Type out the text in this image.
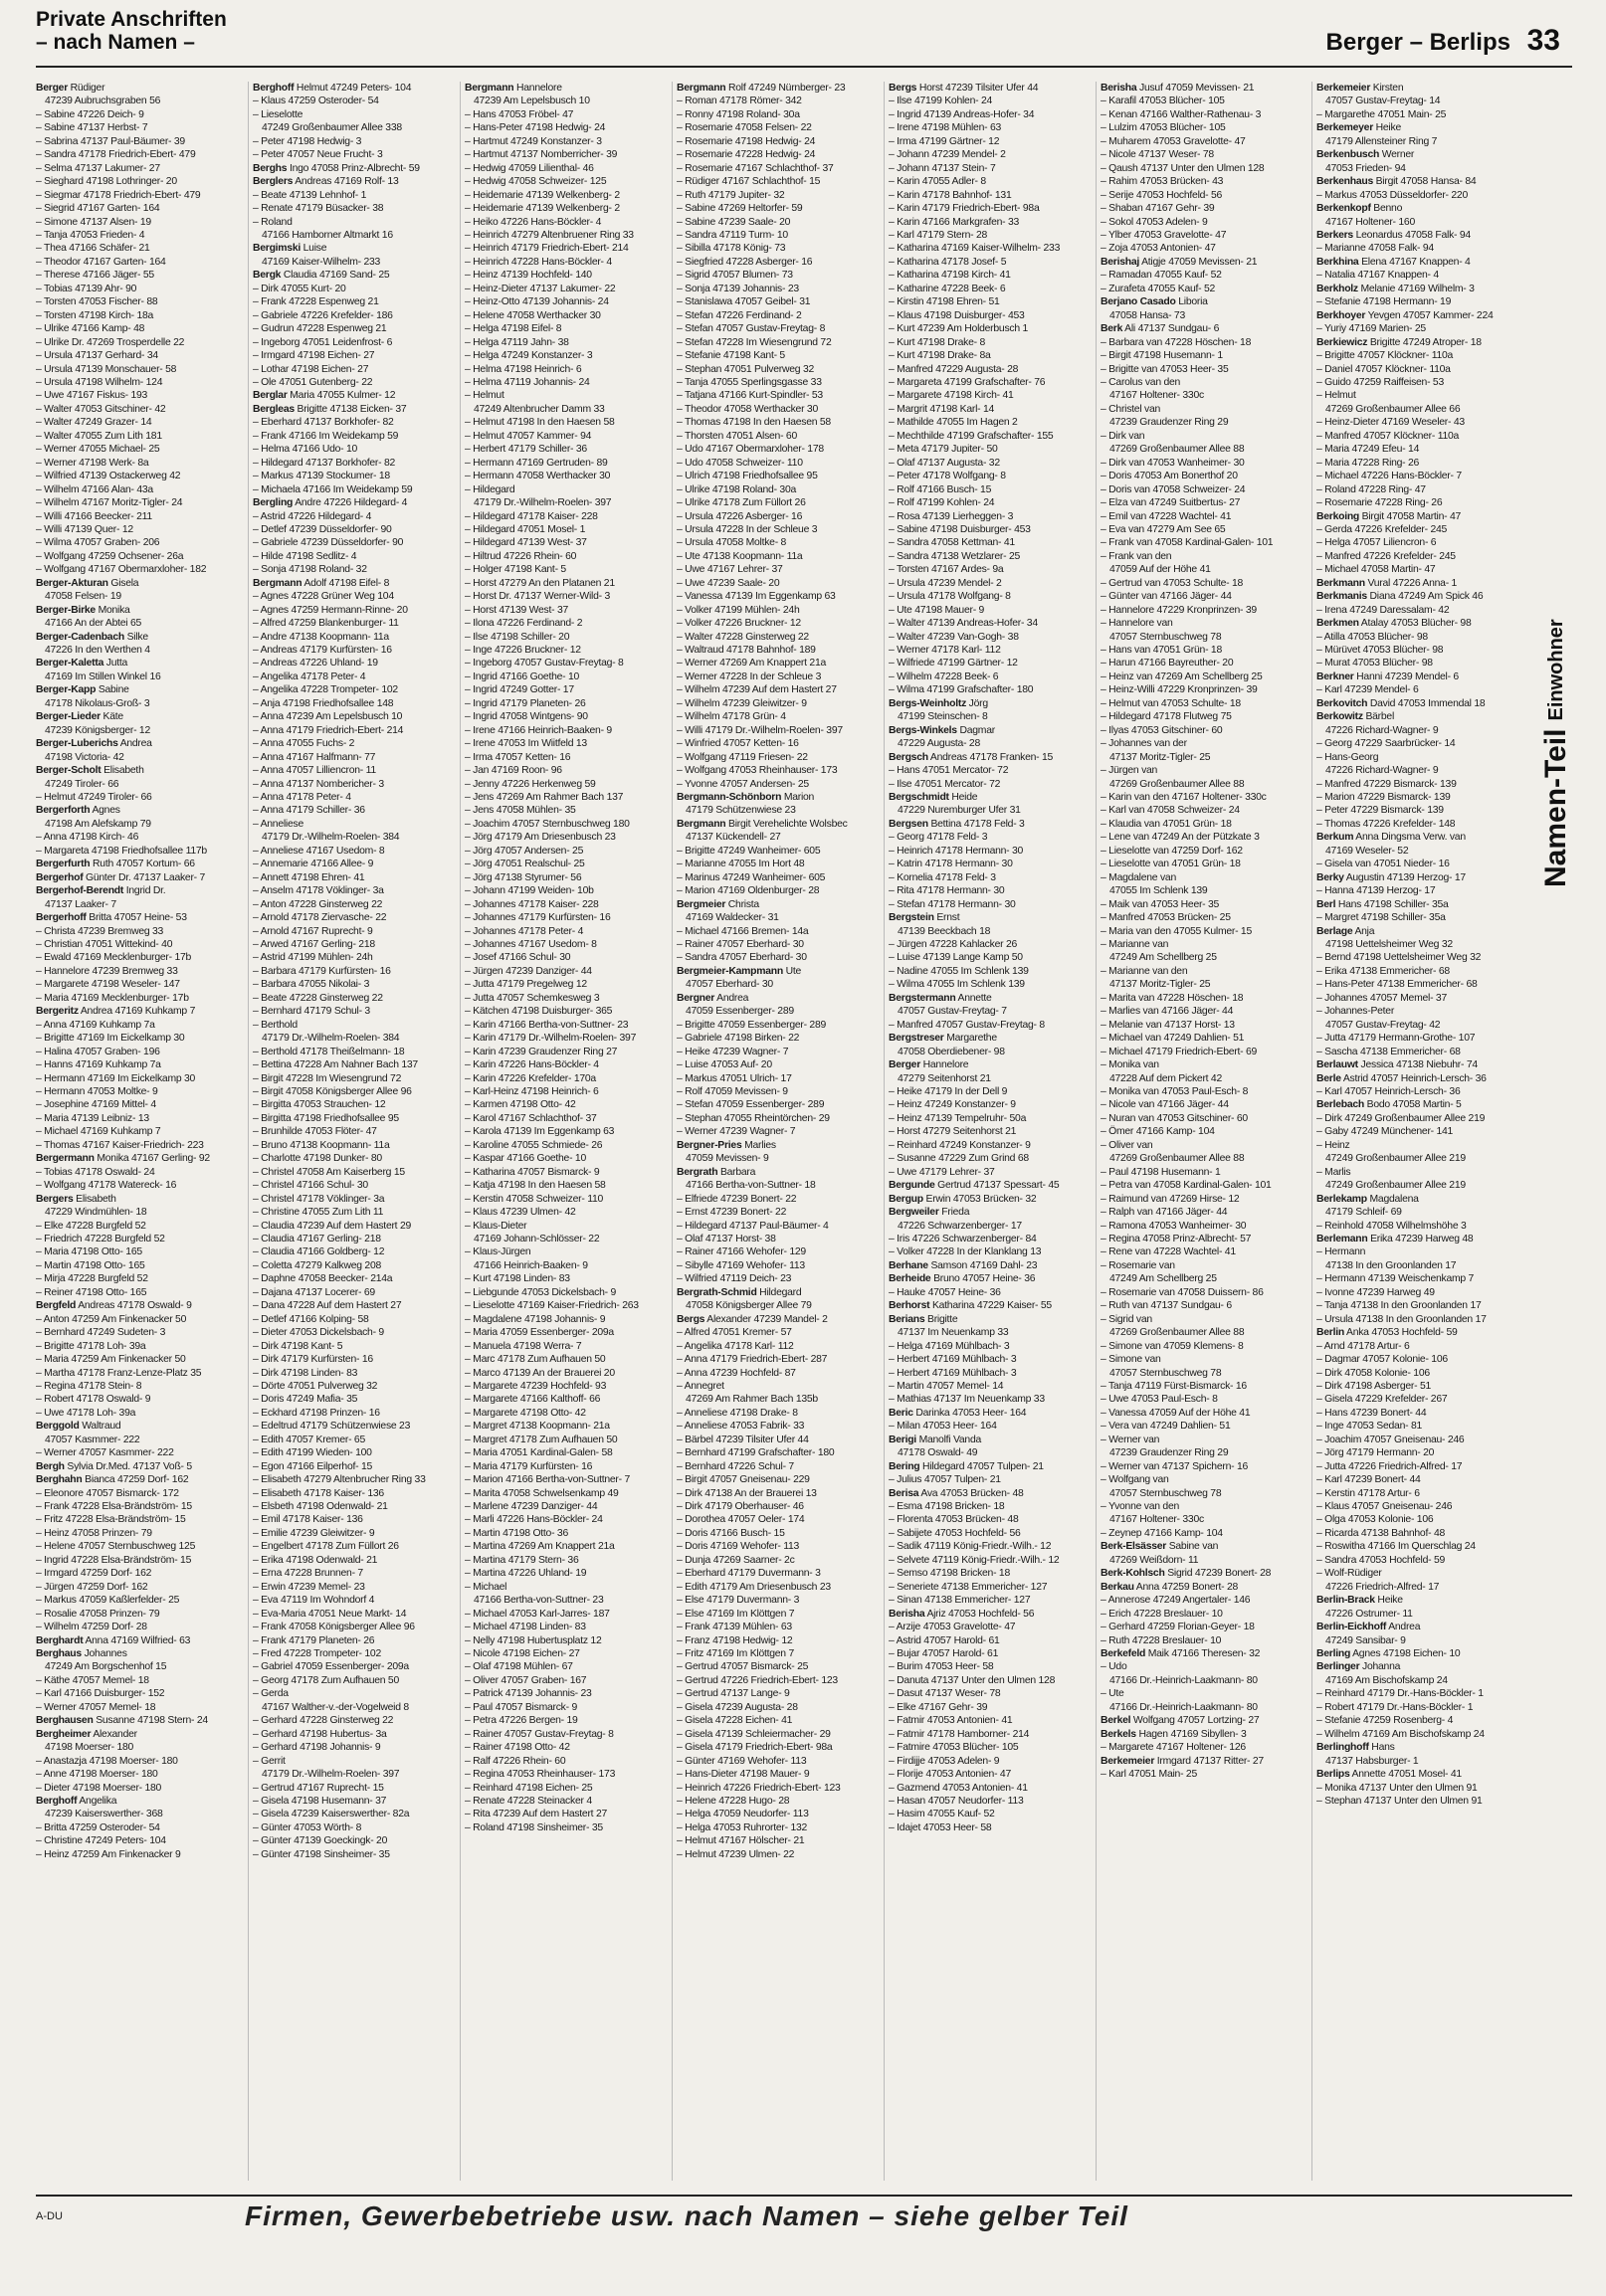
Private Anschriften
– nach Namen –	Berger – Berlips 33
Berger Rüdiger
47239 Aubruchsgraben 56
– Sabine 47226 Deich- 9
– Sabine 47137 Herbst- 7
– Sabrina 47137 Paul-Bäumer- 39
– Sandra 47178 Friedrich-Ebert- 479
– Selma 47137 Lakumer- 27
– Sieghard 47198 Lothringer- 20
– Siegmar 47178 Friedrich-Ebert- 479
– Siegrid 47167 Garten- 164
– Simone 47137 Alsen- 19
– Tanja 47053 Frieden- 4
– Thea 47166 Schäfer- 21
– Theodor 47167 Garten- 164
– Therese 47166 Jäger- 55
– Tobias 47139 Ahr- 90
– Torsten 47053 Fischer- 88
– Torsten 47198 Kirch- 18a
– Ulrike 47166 Kamp- 48
– Ulrike Dr. 47269 Trosperdelle 22
– Ursula 47137 Gerhard- 34
– Ursula 47139 Monschauer- 58
– Ursula 47198 Wilhelm- 124
– Uwe 47167 Fiskus- 193
– Walter 47053 Gitschiner- 42
– Walter 47249 Grazer- 14
– Walter 47055 Zum Lith 181
– Werner 47055 Michael- 25
– Werner 47198 Werk- 8a
– Wilfried 47139 Ostackerweg 42
– Wilhelm 47166 Alan- 43a
– Wilhelm 47167 Moritz-Tigler- 24
– Willi 47166 Beecker- 211
– Willi 47139 Quer- 12
– Wilma 47057 Graben- 206
– Wolfgang 47259 Ochsener- 26a
– Wolfgang 47167 Obermarxloher- 182
Berger-Akturan Gisela
47058 Felsen- 19
Berger-Birke Monika
47166 An der Abtei 65
Berger-Cadenbach Silke
47226 In den Werthen 4
Berger-Kaletta Jutta
47169 Im Stillen Winkel 16
Berger-Kapp Sabine
47178 Nikolaus-Groß- 3
Berger-Lieder Käte
47239 Königsberger- 12
Berger-Luberichs Andrea
47198 Victoria- 42
Berger-Scholt Elisabeth
47249 Tiroler- 66
– Helmut 47249 Tiroler- 66
Bergerforth Agnes
47198 Am Alefskamp 79
– Anna 47198 Kirch- 46
– Margareta 47198 Friedhofsallee 117b
Bergerfurth Ruth 47057 Kortum- 66
Bergerhof Günter Dr. 47137 Laaker- 7
Bergerhof-Berendt Ingrid Dr.
47137 Laaker- 7
Bergerhoff Britta 47057 Heine- 53
– Christa 47239 Bremweg 33
– Christian 47051 Wittekind- 40
– Ewald 47169 Mecklenburger- 17b
– Hannelore 47239 Bremweg 33
– Margarete 47198 Weseler- 147
– Maria 47169 Mecklenburger- 17b
Bergeritz Andrea 47169 Kuhkamp 7
– Anna 47169 Kuhkamp 7a
– Brigitte 47169 Im Eickelkamp 30
– Halina 47057 Graben- 196
– Hanns 47169 Kuhkamp 7a
– Hermann 47169 Im Eickelkamp 30
– Hermann 47053 Moltke- 9
– Josephine 47169 Mittel- 4
– Maria 47139 Leibniz- 13
– Michael 47169 Kuhkamp 7
– Thomas 47167 Kaiser-Friedrich- 223
Bergermann Monika 47167 Gerling- 92
– Tobias 47178 Oswald- 24
– Wolfgang 47178 Watereck- 16
Bergers Elisabeth
47229 Windmühlen- 18
– Elke 47228 Burgfeld 52
– Friedrich 47228 Burgfeld 52
– Maria 47198 Otto- 165
– Martin 47198 Otto- 165
– Mirja 47228 Burgfeld 52
– Reiner 47198 Otto- 165
Bergfeld Andreas 47178 Oswald- 9
– Anton 47259 Am Finkenacker 50
– Bernhard 47249 Sudeten- 3
– Brigitte 47178 Loh- 39a
– Maria 47259 Am Finkenacker 50
– Martha 47178 Franz-Lenze-Platz 35
– Regina 47178 Stein- 8
– Robert 47178 Oswald- 9
– Uwe 47178 Loh- 39a
Berggold Waltraud
47057 Kasmmer- 222
– Werner 47057 Kasmmer- 222
Bergh Sylvia Dr.Med. 47137 Voß- 5
Berghahn Bianca 47259 Dorf- 162
– Eleonore 47057 Bismarck- 172
– Frank 47228 Elsa-Brändström- 15
– Fritz 47228 Elsa-Brändström- 15
– Heinz 47058 Prinzen- 79
– Helene 47057 Sternbuschweg 125
– Ingrid 47228 Elsa-Brändström- 15
– Irmgard 47259 Dorf- 162
– Jürgen 47259 Dorf- 162
– Markus 47059 Kaßlerfelder- 25
– Rosalie 47058 Prinzen- 79
– Wilhelm 47259 Dorf- 28
Berghardt Anna 47169 Wilfried- 63
Berghaus Johannes
47249 Am Borgschenhof 15
– Käthe 47057 Memel- 18
– Karl 47166 Duisburger- 152
– Werner 47057 Memel- 18
Berghausen Susanne 47198 Stern- 24
Bergheimer Alexander
47198 Moerser- 180
– Anastazja 47198 Moerser- 180
– Anne 47198 Moerser- 180
– Dieter 47198 Moerser- 180
Berghoff Angelika
47239 Kaiserswerther- 368
– Britta 47259 Osteroder- 54
– Christine 47249 Peters- 104
– Heinz 47259 Am Finkenacker 9
Berghoff Helmut 47249 Peters- 104
– Klaus 47259 Osteroder- 54
– Lieselotte
47249 Großenbaumer Allee 338
– Peter 47198 Hedwig- 3
– Peter 47057 Neue Frucht- 3
Berghs Ingo 47058 Prinz-Albrecht- 59
Berglers Andreas 47169 Rolf- 13
– Beate 47139 Lehnhof- 1
– Renate 47179 Büsacker- 38
– Roland
47166 Hamborner Altmarkt 16
Bergimski Luise
47169 Kaiser-Wilhelm- 233
Bergk Claudia 47169 Sand- 25
– Dirk 47055 Kurt- 20
– Frank 47228 Espenweg 21
– Gabriele 47226 Krefelder- 186
– Gudrun 47228 Espenweg 21
– Ingeborg 47051 Leidenfrost- 6
– Irmgard 47198 Eichen- 27
– Lothar 47198 Eichen- 27
– Ole 47051 Gutenberg- 22
Berglar Maria 47055 Kulmer- 12
Bergleas Brigitte 47138 Eicken- 37
– Eberhard 47137 Borkhofer- 82
– Frank 47166 Im Weidekamp 59
– Helma 47166 Udo- 10
– Hildegard 47137 Borkhofer- 82
– Markus 47139 Stockumer- 18
– Michaela 47166 Im Weidekamp 59
Bergling Andre 47226 Hildegard- 4
– Astrid 47226 Hildegard- 4
– Detlef 47239 Düsseldorfer- 90
– Gabriele 47239 Düsseldorfer- 90
– Hilde 47198 Sedlitz- 4
– Sonja 47198 Roland- 32
Bergmann Adolf 47198 Eifel- 8
– Agnes 47228 Grüner Weg 104
– Agnes 47259 Hermann-Rinne- 20
– Alfred 47259 Blankenburger- 11
– Andre 47138 Koopmann- 11a
– Andreas 47179 Kurfürsten- 16
– Andreas 47226 Uhland- 19
– Angelika 47178 Peter- 4
– Angelika 47228 Trompeter- 102
– Anja 47198 Friedhofsallee 148
– Anna 47239 Am Lepelsbusch 10
– Anna 47179 Friedrich-Ebert- 214
– Anna 47055 Fuchs- 2
– Anna 47167 Halfmann- 77
– Anna 47057 Lilliencron- 11
– Anna 47137 Nombericher- 3
– Anna 47178 Peter- 4
– Anna 47179 Schiller- 36
– Anneliese
47179 Dr.-Wilhelm-Roelen- 384
– Anneliese 47167 Usedom- 8
– Annemarie 47166 Allee- 9
– Annett 47198 Ehren- 41
– Anselm 47178 Vöklinger- 3a
– Anton 47228 Ginsterweg 22
– Arnold 47178 Ziervasche- 22
– Arnold 47167 Ruprecht- 9
– Arwed 47167 Gerling- 218
– Astrid 47199 Mühlen- 24h
– Barbara 47179 Kurfürsten- 16
– Barbara 47055 Nikolai- 3
– Beate 47228 Ginsterweg 22
– Bernhard 47179 Schul- 3
– Berthold
47179 Dr.-Wilhelm-Roelen- 384
– Berthold 47178 Theißelmann- 18
– Bettina 47228 Am Nahner Bach 137
– Birgit 47228 Im Wiesengrund 72
– Birgit 47058 Königsberger Allee 96
– Birgitta 47053 Strauchen- 12
– Birgitta 47198 Friedhofsallee 95
– Brunhilde 47053 Flöter- 47
– Bruno 47138 Koopmann- 11a
– Charlotte 47198 Dunker- 80
– Christel 47058 Am Kaiserberg 15
– Christel 47166 Schul- 30
– Christel 47178 Vöklinger- 3a
– Christine 47055 Zum Lith 11
– Claudia 47239 Auf dem Hastert 29
– Claudia 47167 Gerling- 218
– Claudia 47166 Goldberg- 12
– Coletta 47279 Kalkweg 208
– Daphne 47058 Beecker- 214a
– Dajana 47137 Locerer- 69
– Dana 47228 Auf dem Hastert 27
– Detlef 47166 Kolping- 58
– Dieter 47053 Dickelsbach- 9
– Dirk 47198 Kant- 5
– Dirk 47179 Kurfürsten- 16
– Dirk 47198 Linden- 83
– Dörte 47051 Pulverweg 32
– Doris 47249 Mafia- 35
– Eckhard 47198 Prinzen- 16
– Edeltrud 47179 Schützenwiese 23
– Edith 47057 Kremer- 65
– Edith 47199 Wieden- 100
– Egon 47166 Eilperhof- 15
– Elisabeth 47279 Altenbrucher Ring 33
– Elisabeth 47178 Kaiser- 136
– Elsbeth 47198 Odenwald- 21
– Emil 47178 Kaiser- 136
– Emilie 47239 Gleiwitzer- 9
– Engelbert 47178 Zum Füllort 26
– Erika 47198 Odenwald- 21
– Erna 47228 Brunnen- 7
– Erwin 47239 Memel- 23
– Eva 47119 Im Wohndorf 4
– Eva-Maria 47051 Neue Markt- 14
– Frank 47058 Königsberger Allee 96
– Frank 47179 Planeten- 26
– Fred 47228 Trompeter- 102
– Gabriel 47059 Essenberger- 209a
– Georg 47178 Zum Aufhauen 50
– Gerda
47167 Walther-v.-der-Vogelweid 8
– Gerhard 47228 Ginsterweg 22
– Gerhard 47198 Hubertus- 3a
– Gerhard 47198 Johannis- 9
– Gerrit
47179 Dr.-Wilhelm-Roelen- 397
– Gertrud 47167 Ruprecht- 15
– Gisela 47198 Husemann- 37
– Gisela 47239 Kaiserswerther- 82a
– Günter 47053 Wörth- 8
– Günter 47139 Goeckingk- 20
– Günter 47198 Sinsheimer- 35
Bergmann Hannelore
47239 Am Lepelsbusch 10
– Hans 47053 Fröbel- 47
– Hans-Peter 47198 Hedwig- 24
– Hartmut 47249 Konstanzer- 3
– Hartmut 47137 Nomberricher- 39
– Hedwig 47059 Lilienthal- 46
– Hedwig 47058 Schweizer- 125
– Heidemarie 47139 Welkenberg- 2
– Heidemarie 47139 Welkenberg- 2
– Heiko 47226 Hans-Böckler- 4
– Heinrich 47279 Altenbruener Ring 33
– Heinrich 47179 Friedrich-Ebert- 214
– Heinrich 47228 Hans-Böckler- 4
– Heinz 47139 Hochfeld- 140
– Heinz-Dieter 47137 Lakumer- 22
– Heinz-Otto 47139 Johannis- 24
– Helene 47058 Werthacker 30
– Helga 47198 Eifel- 8
– Helga 47119 Jahn- 38
– Helga 47249 Konstanzer- 3
– Helma 47198 Heinrich- 6
– Helma 47119 Johannis- 24
– Helmut
47249 Altenbrucher Damm 33
– Helmut 47198 In den Haesen 58
– Helmut 47057 Kammer- 94
– Herbert 47179 Schiller- 36
– Hermann 47169 Gertruden- 89
– Hermann 47058 Werthacker 30
– Hildegard
47179 Dr.-Wilhelm-Roelen- 397
– Hildegard 47178 Kaiser- 228
– Hildegard 47051 Mosel- 1
– Hildegard 47139 West- 37
– Hiltrud 47226 Rhein- 60
– Holger 47198 Kant- 5
– Horst 47279 An den Platanen 21
– Horst Dr. 47137 Werner-Wild- 3
– Horst 47139 West- 37
– Ilona 47226 Ferdinand- 2
– Ilse 47198 Schiller- 20
– Inge 47226 Bruckner- 12
– Ingeborg 47057 Gustav-Freytag- 8
– Ingrid 47166 Goethe- 10
– Ingrid 47249 Gotter- 17
– Ingrid 47179 Planeten- 26
– Ingrid 47058 Wintgens- 90
– Irene 47166 Heinrich-Baaken- 9
– Irene 47053 Im Wiitfeld 13
– Irma 47057 Ketten- 16
– Jan 47169 Roon- 96
– Jenny 47226 Herkenweg 59
– Jens 47269 Am Rahmer Bach 137
– Jens 47058 Mühlen- 35
– Joachim 47057 Sternbuschweg 180
– Jörg 47179 Am Driesenbusch 23
– Jörg 47057 Andersen- 25
– Jörg 47051 Realschul- 25
– Jörg 47138 Styrumer- 56
– Johann 47199 Weiden- 10b
– Johannes 47178 Kaiser- 228
– Johannes 47179 Kurfürsten- 16
– Johannes 47178 Peter- 4
– Johannes 47167 Usedom- 8
– Josef 47166 Schul- 30
– Jürgen 47239 Danziger- 44
– Jutta 47179 Pregelweg 12
– Jutta 47057 Schemkesweg 3
– Kätchen 47198 Duisburger- 365
– Karin 47166 Bertha-von-Suttner- 23
– Karin 47179 Dr.-Wilhelm-Roelen- 397
– Karin 47239 Graudenzer Ring 27
– Karin 47226 Hans-Böckler- 4
– Karin 47226 Krefelder- 170a
– Karl-Heinz 47198 Heinrich- 6
– Karmen 47198 Otto- 42
– Karol 47167 Schlachthof- 37
– Karola 47139 Im Eggenkamp 63
– Karoline 47055 Schmiede- 26
– Kaspar 47166 Goethe- 10
– Katharina 47057 Bismarck- 9
– Katja 47198 In den Haesen 58
– Kerstin 47058 Schweizer- 110
– Klaus 47239 Ulmen- 42
– Klaus-Dieter
47169 Johann-Schlösser- 22
– Klaus-Jürgen
47166 Heinrich-Baaken- 9
– Kurt 47198 Linden- 83
– Liebgunde 47053 Dickelsbach- 9
– Lieselotte 47169 Kaiser-Friedrich- 263
– Magdalene 47198 Johannis- 9
– Maria 47059 Essenberger- 209a
– Manuela 47198 Werra- 7
– Marc 47178 Zum Aufhauen 50
– Marco 47139 An der Brauerei 20
– Margarete 47239 Hochfeld- 93
– Margarete 47166 Kalthoff- 66
– Margarete 47198 Otto- 42
– Margret 47138 Koopmann- 21a
– Margret 47178 Zum Aufhauen 50
– Maria 47051 Kardinal-Galen- 58
– Maria 47179 Kurfürsten- 16
– Marion 47166 Bertha-von-Suttner- 7
– Marita 47058 Schwelsenkamp 49
– Marlene 47239 Danziger- 44
– Marli 47226 Hans-Böckler- 24
– Martin 47198 Otto- 36
– Martina 47269 Am Knappert 21a
– Martina 47179 Stern- 36
– Martina 47226 Uhland- 19
– Michael
47166 Bertha-von-Suttner- 23
– Michael 47053 Karl-Jarres- 187
– Michael 47198 Linden- 83
– Nelly 47198 Hubertusplatz 12
– Nicole 47198 Eichen- 27
– Olaf 47198 Mühlen- 67
– Oliver 47057 Graben- 167
– Patrick 47139 Johannis- 23
– Paul 47057 Bismarck- 9
– Petra 47226 Bergen- 19
– Rainer 47057 Gustav-Freytag- 8
– Rainer 47198 Otto- 42
– Ralf 47226 Rhein- 60
– Regina 47053 Rheinhauser- 173
– Reinhard 47198 Eichen- 25
– Renate 47228 Steinacker 4
– Rita 47239 Auf dem Hastert 27
– Roland 47198 Sinsheimer- 35
Bergmann Rolf 47249 Nürnberger- 23
– Roman 47178 Römer- 342
– Ronny 47198 Roland- 30a
– Rosemarie 47058 Felsen- 22
– Rosemarie 47198 Hedwig- 24
– Rosemarie 47228 Hedwig- 24
– Rosemarie 47167 Schlachthof- 37
– Rüdiger 47167 Schlachthof- 15
– Ruth 47179 Jupiter- 32
– Sabine 47269 Heltorfer- 59
– Sabine 47239 Saale- 20
– Sandra 47119 Turm- 10
– Sibilla 47178 König- 73
– Siegfried 47228 Asberger- 16
– Sigrid 47057 Blumen- 73
– Sonja 47139 Johannis- 23
– Stanislawa 47057 Geibel- 31
– Stefan 47226 Ferdinand- 2
– Stefan 47057 Gustav-Freytag- 8
– Stefan 47228 Im Wiesengrund 72
– Stefanie 47198 Kant- 5
– Stephan 47051 Pulverweg 32
– Tanja 47055 Sperlingsgasse 33
– Tatjana 47166 Kurt-Spindler- 53
– Theodor 47058 Werthacker 30
– Thomas 47198 In den Haesen 58
– Thorsten 47051 Alsen- 60
– Udo 47167 Obermarxloher- 178
– Udo 47058 Schweizer- 110
– Ulrich 47198 Friedhofsallee 95
– Ulrike 47198 Roland- 30a
– Ulrike 47178 Zum Füllort 26
– Ursula 47226 Asberger- 16
– Ursula 47228 In der Schleue 3
– Ursula 47058 Moltke- 8
– Ute 47138 Koopmann- 11a
– Uwe 47167 Lehrer- 37
– Uwe 47239 Saale- 20
– Vanessa 47139 Im Eggenkamp 63
– Volker 47199 Mühlen- 24h
– Volker 47226 Bruckner- 12
– Walter 47228 Ginsterweg 22
– Waltraud 47178 Bahnhof- 189
– Werner 47269 Am Knappert 21a
– Werner 47228 In der Schleue 3
– Wilhelm 47239 Auf dem Hastert 27
– Wilhelm 47239 Gleiwitzer- 9
– Wilhelm 47178 Grün- 4
– Willi 47179 Dr.-Wilhelm-Roelen- 397
– Winfried 47057 Ketten- 16
– Wolfgang 47119 Friesen- 22
– Wolfgang 47053 Rheinhauser- 173
– Yvonne 47057 Andersen- 25
Bergmann-Schönborn Marion
47179 Schützenwiese 23
Bergmann Birgit Verehelichte Wolsbec
47137 Kückendell- 27
– Brigitte 47249 Wanheimer- 605
– Marianne 47055 Im Hort 48
– Marinus 47249 Wanheimer- 605
– Marion 47169 Oldenburger- 28
Bergmeier Christa
47169 Waldecker- 31
– Michael 47166 Bremen- 14a
– Rainer 47057 Eberhard- 30
– Sandra 47057 Eberhard- 30
Bergmeier-Kampmann Ute
47057 Eberhard- 30
Bergner Andrea
47059 Essenberger- 289
– Brigitte 47059 Essenberger- 289
– Gabriele 47198 Birken- 22
– Heike 47239 Wagner- 7
– Luise 47053 Auf- 20
– Markus 47051 Ulrich- 17
– Rolf 47059 Mevissen- 9
– Stefan 47059 Essenberger- 289
– Stephan 47055 Rheintörchen- 29
– Werner 47239 Wagner- 7
Bergner-Pries Marlies
47059 Mevissen- 9
Bergrath Barbara
47166 Bertha-von-Suttner- 18
– Elfriede 47239 Bonert- 22
– Ernst 47239 Bonert- 22
– Hildegard 47137 Paul-Bäumer- 4
– Olaf 47137 Horst- 38
– Rainer 47166 Wehofer- 129
– Sibylle 47169 Wehofer- 113
– Wilfried 47119 Deich- 23
Bergrath-Schmid Hildegard
47058 Königsberger Allee 79
Bergs Alexander 47239 Mandel- 2
– Alfred 47051 Kremer- 57
– Angelika 47178 Karl- 112
– Anna 47179 Friedrich-Ebert- 287
– Anna 47239 Hochfeld- 87
– Annegret
47269 Am Rahmer Bach 135b
– Anneliese 47198 Drake- 8
– Anneliese 47053 Fabrik- 33
– Bärbel 47239 Tilsiter Ufer 44
– Bernhard 47199 Grafschafter- 180
– Bernhard 47226 Schul- 7
– Birgit 47057 Gneisenau- 229
– Dirk 47138 An der Brauerei 13
– Dirk 47179 Oberhauser- 46
– Dorothea 47057 Oeler- 174
– Doris 47166 Busch- 15
– Doris 47169 Wehofer- 113
– Dunja 47269 Saarner- 2c
– Eberhard 47179 Duvermann- 3
– Edith 47179 Am Driesenbusch 23
– Else 47179 Duvermann- 3
– Else 47169 Im Klöttgen 7
– Frank 47139 Mühlen- 63
– Franz 47198 Hedwig- 12
– Fritz 47169 Im Klöttgen 7
– Gertrud 47057 Bismarck- 25
– Gertrud 47226 Friedrich-Ebert- 123
– Gertrud 47137 Lange- 9
– Gisela 47239 Augusta- 28
– Gisela 47228 Eichen- 41
– Gisela 47139 Schleiermacher- 29
– Gisela 47179 Friedrich-Ebert- 98a
– Günter 47169 Wehofer- 113
– Hans-Dieter 47198 Mauer- 9
– Heinrich 47226 Friedrich-Ebert- 123
– Helene 47228 Hugo- 28
– Helga 47059 Neudorfer- 113
– Helga 47053 Ruhrorter- 132
– Helmut 47167 Hölscher- 21
– Helmut 47239 Ulmen- 22
Bergs Horst 47239 Tilsiter Ufer 44
– Ilse 47199 Kohlen- 24
– Ingrid 47139 Andreas-Hofer- 34
– Irene 47198 Mühlen- 63
– Irma 47199 Gärtner- 12
– Johann 47239 Mendel- 2
– Johann 47137 Stein- 7
– Karin 47055 Adler- 8
– Karin 47178 Bahnhof- 131
– Karin 47179 Friedrich-Ebert- 98a
– Karin 47166 Markgrafen- 33
– Karl 47179 Stern- 28
– Katharina 47169 Kaiser-Wilhelm- 233
– Katharina 47178 Josef- 5
– Katharina 47198 Kirch- 41
– Katharine 47228 Beek- 6
– Kirstin 47198 Ehren- 51
– Klaus 47198 Duisburger- 453
– Kurt 47239 Am Holderbusch 1
– Kurt 47198 Drake- 8
– Kurt 47198 Drake- 8a
– Manfred 47229 Augusta- 28
– Margareta 47199 Grafschafter- 76
– Margarete 47198 Kirch- 41
– Margrit 47198 Karl- 14
– Mathilde 47055 Im Hagen 2
– Mechthilde 47199 Grafschafter- 155
– Meta 47179 Jupiter- 50
– Olaf 47137 Augusta- 32
– Peter 47178 Wolfgang- 8
– Rolf 47166 Busch- 15
– Rolf 47199 Kohlen- 24
– Rosa 47139 Lierheggen- 3
– Sabine 47198 Duisburger- 453
– Sandra 47058 Kettman- 41
– Sandra 47138 Wetzlarer- 25
– Torsten 47167 Ardes- 9a
– Ursula 47239 Mendel- 2
– Ursula 47178 Wolfgang- 8
– Ute 47198 Mauer- 9
– Walter 47139 Andreas-Hofer- 34
– Walter 47239 Van-Gogh- 38
– Werner 47178 Karl- 112
– Wilfriede 47199 Gärtner- 12
– Wilhelm 47228 Beek- 6
– Wilma 47199 Grafschafter- 180
Bergs-Weinholtz Jörg
47199 Steinschen- 8
Bergs-Winkels Dagmar
47229 Augusta- 28
Bergsch Andreas 47178 Franken- 15
– Hans 47051 Mercator- 72
– Ilse 47051 Mercator- 72
Bergschmidt Heide
47229 Nuremburger Ufer 31
Bergsen Bettina 47178 Feld- 3
– Georg 47178 Feld- 3
– Heinrich 47178 Hermann- 30
– Katrin 47178 Hermann- 30
– Kornelia 47178 Feld- 3
– Rita 47178 Hermann- 30
– Stefan 47178 Hermann- 30
Bergstein Ernst
47139 Beeckbach 18
– Jürgen 47228 Kahlacker 26
– Luise 47139 Lange Kamp 50
– Nadine 47055 Im Schlenk 139
– Wilma 47055 Im Schlenk 139
Bergstermann Annette
47057 Gustav-Freytag- 7
– Manfred 47057 Gustav-Freytag- 8
Bergstreser Margarethe
47058 Oberdiebener- 98
Berger Hannelore
47279 Seitenhorst 21
– Heike 47179 In der Dell 9
– Heinz 47249 Konstanzer- 9
– Heinz 47139 Tempelruhr- 50a
– Horst 47279 Seitenhorst 21
– Reinhard 47249 Konstanzer- 9
– Susanne 47229 Zum Grind 68
– Uwe 47179 Lehrer- 37
Bergunde Gertrud 47137 Spessart- 45
Bergup Erwin 47053 Brücken- 32
Bergweiler Frieda
47226 Schwarzenberger- 17
– Iris 47226 Schwarzenberger- 84
– Volker 47228 In der Klanklang 13
Berhane Samson 47169 Dahl- 23
Berheide Bruno 47057 Heine- 36
– Hauke 47057 Heine- 36
Berhorst Katharina 47229 Kaiser- 55
Berians Brigitte
47137 Im Neuenkamp 33
– Helga 47169 Mühlbach- 3
– Herbert 47169 Mühlbach- 3
– Herbert 47169 Mühlbach- 3
– Martin 47057 Memel- 14
– Mathias 47137 Im Neuenkamp 33
Beric Darinka 47053 Heer- 164
– Milan 47053 Heer- 164
Berigi Manolfi Vanda
47178 Oswald- 49
Bering Hildegard 47057 Tulpen- 21
– Julius 47057 Tulpen- 21
Berisa Ava 47053 Brücken- 48
– Esma 47198 Bricken- 18
– Florenta 47053 Brücken- 48
– Sabijete 47053 Hochfeld- 56
– Sadik 47119 König-Friedr.-Wilh.- 12
– Selvete 47119 König-Friedr.-Wilh.- 12
– Semso 47198 Bricken- 18
– Seneriete 47138 Emmericher- 127
– Sinan 47138 Emmericher- 127
Berisha Ajriz 47053 Hochfeld- 56
– Arzije 47053 Gravelotte- 47
– Astrid 47057 Harold- 61
– Bujar 47057 Harold- 61
– Burim 47053 Heer- 58
– Danuta 47137 Unter den Ulmen 128
– Dasut 47137 Weser- 78
– Elke 47167 Gehr- 39
– Fatmir 47053 Antonien- 41
– Fatmir 47178 Hamborner- 214
– Fatmire 47053 Blücher- 105
– Firdijje 47053 Adelen- 9
– Florije 47053 Antonien- 47
– Gazmend 47053 Antonien- 41
– Hasan 47057 Neudorfer- 113
– Hasim 47055 Kauf- 52
– Idajet 47053 Heer- 58
Berisha Jusuf 47059 Mevissen- 21
– Karafil 47053 Blücher- 105
– Kenan 47166 Walther-Rathenau- 3
– Lulzim 47053 Blücher- 105
– Muharem 47053 Gravelotte- 47
– Nicole 47137 Weser- 78
– Qaush 47137 Unter den Ulmen 128
– Rahim 47053 Brücken- 43
– Serije 47053 Hochfeld- 56
– Shaban 47167 Gehr- 39
– Sokol 47053 Adelen- 9
– Ylber 47053 Gravelotte- 47
– Zoja 47053 Antonien- 47
Berishaj Atigje 47059 Mevissen- 21
– Ramadan 47055 Kauf- 52
– Zurafeta 47055 Kauf- 52
Berjano Casado Liboria
47058 Hansa- 73
Berk Ali 47137 Sundgau- 6
– Barbara van 47228 Höschen- 18
– Birgit 47198 Husemann- 1
– Brigitte van 47053 Heer- 35
– Carolus van den
47167 Holtener- 330c
– Christel van
47239 Graudenzer Ring 29
– Dirk van
47269 Großenbaumer Allee 88
– Dirk van 47053 Wanheimer- 30
– Doris 47053 Am Bonerthof 20
– Doris van 47058 Schweizer- 24
– Elza van 47249 Suitbertus- 27
– Emil van 47228 Wachtel- 41
– Eva van 47279 Am See 65
– Frank van 47058 Kardinal-Galen- 101
– Frank van den
47059 Auf der Höhe 41
– Gertrud van 47053 Schulte- 18
– Günter van 47166 Jäger- 44
– Hannelore 47229 Kronprinzen- 39
– Hannelore van
47057 Sternbuschweg 78
– Hans van 47051 Grün- 18
– Harun 47166 Bayreuther- 20
– Heinz van 47269 Am Schellberg 25
– Heinz-Willi 47229 Kronprinzen- 39
– Helmut van 47053 Schulte- 18
– Hildegard 47178 Flutweg 75
– Ilyas 47053 Gitschiner- 60
– Johannes van der
47137 Moritz-Tigler- 25
– Jürgen van
47269 Großenbaumer Allee 88
– Karin van den 47167 Holtener- 330c
– Karl van 47058 Schweizer- 24
– Klaudia van 47051 Grün- 18
– Lene van 47249 An der Pützkate 3
– Lieselotte van 47259 Dorf- 162
– Lieselotte van 47051 Grün- 18
– Magdalene van
47055 Im Schlenk 139
– Maik van 47053 Heer- 35
– Manfred 47053 Brücken- 25
– Maria van den 47055 Kulmer- 15
– Marianne van
47249 Am Schellberg 25
– Marianne van den
47137 Moritz-Tigler- 25
– Marita van 47228 Höschen- 18
– Marlies van 47166 Jäger- 44
– Melanie van 47137 Horst- 13
– Michael van 47249 Dahlien- 51
– Michael 47179 Friedrich-Ebert- 69
– Monika van
47228 Auf dem Pickert 42
– Monika van 47053 Paul-Esch- 8
– Nicole van 47166 Jäger- 44
– Nuran van 47053 Gitschiner- 60
– Ömer 47166 Kamp- 104
– Oliver van
47269 Großenbaumer Allee 88
– Paul 47198 Husemann- 1
– Petra van 47058 Kardinal-Galen- 101
– Raimund van 47269 Hirse- 12
– Ralph van 47166 Jäger- 44
– Ramona 47053 Wanheimer- 30
– Regina 47058 Prinz-Albrecht- 57
– Rene van 47228 Wachtel- 41
– Rosemarie van
47249 Am Schellberg 25
– Rosemarie van 47058 Duissern- 86
– Ruth van 47137 Sundgau- 6
– Sigrid van
47269 Großenbaumer Allee 88
– Simone van 47059 Klemens- 8
– Simone van
47057 Sternbuschweg 78
– Tanja 47119 Fürst-Bismarck- 16
– Uwe 47053 Paul-Esch- 8
– Vanessa 47059 Auf der Höhe 41
– Vera van 47249 Dahlien- 51
– Werner van
47239 Graudenzer Ring 29
– Werner van 47137 Spichern- 16
– Wolfgang van
47057 Sternbuschweg 78
– Yvonne van den
47167 Holtener- 330c
– Zeynep 47166 Kamp- 104
Berk-Elsässer Sabine van
47269 Weißdorn- 11
Berk-Kohlsch Sigrid 47239 Bonert- 28
Berkau Anna 47259 Bonert- 28
– Annerose 47249 Angertaler- 146
– Erich 47228 Breslauer- 10
– Gerhard 47259 Florian-Geyer- 18
– Ruth 47228 Breslauer- 10
Berkefeld Maik 47166 Theresen- 32
– Udo
47166 Dr.-Heinrich-Laakmann- 80
– Ute
47166 Dr.-Heinrich-Laakmann- 80
Berkel Wolfgang 47057 Lortzing- 27
Berkels Hagen 47169 Sibyllen- 3
– Margarete 47167 Holtener- 126
Berkemeier Irmgard 47137 Ritter- 27
– Karl 47051 Main- 25
Berkemeier Kirsten
47057 Gustav-Freytag- 14
– Margarethe 47051 Main- 25
Berkemeyer Heike
47179 Allensteiner Ring 7
Berkenbusch Werner
47053 Frieden- 94
Berkenhaus Birgit 47058 Hansa- 84
– Markus 47053 Düsseldorfer- 220
Berkenkopf Benno
47167 Holtener- 160
Berkers Leonardus 47058 Falk- 94
– Marianne 47058 Falk- 94
Berkhina Elena 47167 Knappen- 4
– Natalia 47167 Knappen- 4
Berkholz Melanie 47169 Wilhelm- 3
– Stefanie 47198 Hermann- 19
Berkhoyer Yevgen 47057 Kammer- 224
– Yuriy 47169 Marien- 25
Berkiewicz Brigitte 47249 Atroper- 18
– Brigitte 47057 Klöckner- 110a
– Daniel 47057 Klöckner- 110a
– Guido 47259 Raiffeisen- 53
– Helmut
47269 Großenbaumer Allee 66
– Heinz-Dieter 47169 Weseler- 43
– Manfred 47057 Klöckner- 110a
– Maria 47249 Efeu- 14
– Maria 47228 Ring- 26
– Michael 47226 Hans-Böckler- 7
– Roland 47228 Ring- 47
– Rosemarie 47228 Ring- 26
Berkoing Birgit 47058 Martin- 47
– Gerda 47226 Krefelder- 245
– Helga 47057 Liliencron- 6
– Manfred 47226 Krefelder- 245
– Michael 47058 Martin- 47
Berkmann Vural 47226 Anna- 1
Berkmanis Diana 47249 Am Spick 46
– Irena 47249 Daressalam- 42
Berkmen Atalay 47053 Blücher- 98
– Atilla 47053 Blücher- 98
– Mürüvet 47053 Blücher- 98
– Murat 47053 Blücher- 98
Berkner Hanni 47239 Mendel- 6
– Karl 47239 Mendel- 6
Berkovitch David 47053 Immendal 18
Berkowitz Bärbel
47226 Richard-Wagner- 9
– Georg 47229 Saarbrücker- 14
– Hans-Georg
47226 Richard-Wagner- 9
– Manfred 47229 Bismarck- 139
– Marion 47229 Bismarck- 139
– Peter 47229 Bismarck- 139
– Thomas 47226 Krefelder- 148
Berkum Anna Dingsma Verw. van
47169 Weseler- 52
– Gisela van 47051 Nieder- 16
Berky Augustin 47139 Herzog- 17
– Hanna 47139 Herzog- 17
Berl Hans 47198 Schiller- 35a
– Margret 47198 Schiller- 35a
Berlage Anja
47198 Uettelsheimer Weg 32
– Bernd 47198 Uettelsheimer Weg 32
– Erika 47138 Emmericher- 68
– Hans-Peter 47138 Emmericher- 68
– Johannes 47057 Memel- 37
– Johannes-Peter
47057 Gustav-Freytag- 42
– Jutta 47179 Hermann-Grothe- 107
– Sascha 47138 Emmericher- 68
Berlauwt Jessica 47138 Niebuhr- 74
Berle Astrid 47057 Heinrich-Lersch- 36
– Karl 47057 Heinrich-Lersch- 36
Berlebach Bodo 47058 Martin- 5
– Dirk 47249 Großenbaumer Allee 219
– Gaby 47249 Münchener- 141
– Heinz
47249 Großenbaumer Allee 219
– Marlis
47249 Großenbaumer Allee 219
Berlekamp Magdalena
47179 Schleif- 69
– Reinhold 47058 Wilhelmshöhe 3
Berlemann Erika 47239 Harweg 48
– Hermann
47138 In den Groonlanden 17
– Hermann 47139 Weischenkamp 7
– Ivonne 47239 Harweg 49
– Tanja 47138 In den Groonlanden 17
– Ursula 47138 In den Groonlanden 17
Berlin Anka 47053 Hochfeld- 59
– Arnd 47178 Artur- 6
– Dagmar 47057 Kolonie- 106
– Dirk 47058 Kolonie- 106
– Dirk 47198 Asberger- 51
– Gisela 47229 Krefelder- 267
– Hans 47239 Bonert- 44
– Inge 47053 Sedan- 81
– Joachim 47057 Gneisenau- 246
– Jörg 47179 Hermann- 20
– Jutta 47226 Friedrich-Alfred- 17
– Karl 47239 Bonert- 44
– Kerstin 47178 Artur- 6
– Klaus 47057 Gneisenau- 246
– Olga 47053 Kolonie- 106
– Ricarda 47138 Bahnhof- 48
– Roswitha 47166 Im Querschlag 24
– Sandra 47053 Hochfeld- 59
– Wolf-Rüdiger
47226 Friedrich-Alfred- 17
Berlin-Brack Heike
47226 Ostrumer- 11
Berlin-Eickhoff Andrea
47249 Sansibar- 9
Berling Agnes 47198 Eichen- 10
Berlinger Johanna
47169 Am Bischofskamp 24
– Reinhard 47179 Dr.-Hans-Böckler- 1
– Robert 47179 Dr.-Hans-Böckler- 1
– Stefanie 47259 Rosenberg- 4
– Wilhelm 47169 Am Bischofskamp 24
Berlinghoff Hans
47137 Habsburger- 1
Berlips Annette 47051 Mosel- 41
– Monika 47137 Unter den Ulmen 91
– Stephan 47137 Unter den Ulmen 91
Namen-Teil
Einwohner
A-DU	Firmen, Gewerbebetriebe usw. nach Namen – siehe gelber Teil
